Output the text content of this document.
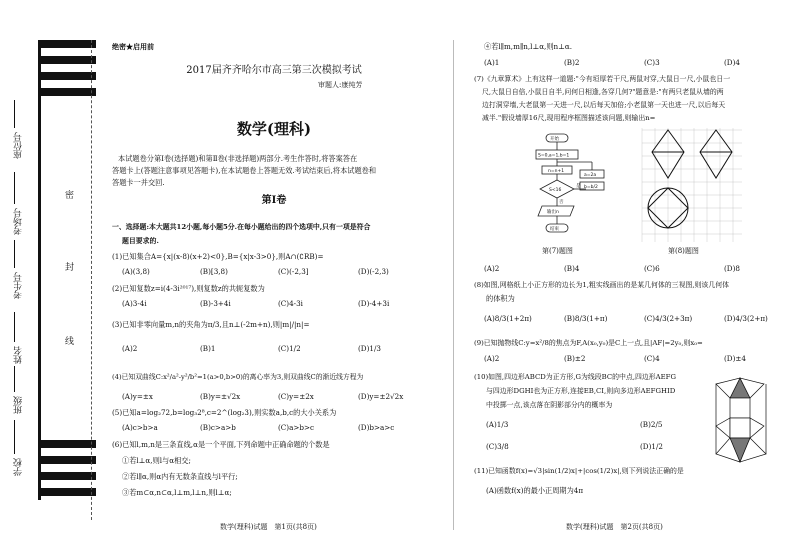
座位号
考场号
考生号
姓名
班级
学校
密
封
线
绝密★启用前
2017届齐齐哈尔市高三第三次模拟考试
审题人:康纯芳
数学(理科)
本试题卷分第Ⅰ卷(选择题)和第Ⅱ卷(非选择题)两部分.考生作答时,将答案答在
答题卡上(答题注意事项见答题卡),在本试题卷上答题无效.考试结束后,将本试题卷和
答题卡一并交回.
第Ⅰ卷
一、选择题:本大题共12小题,每小题5分.在每小题给出的四个选项中,只有一项是符合
题目要求的.
(1)已知集合A={x|(x-8)(x+2)<0},B={x|x-3>0},则A∩(∁RB)=
(A)(3,8)	(B)[3,8)	(C)(-2,3]	(D)(-2,3)
(2)已知复数z=i(4-3i²⁰¹⁷),则复数z的共轭复数为
(A)3-4i	(B)-3+4i	(C)4-3i	(D)-4+3i
(3)已知非零向量m,n的夹角为π/3,且n⊥(-2m+n),则|m|/|n|=
(A)2	(B)1	(C)1/2	(D)1/3
(4)已知双曲线C:x²/a²-y²/b²=1(a>0,b>0)的离心率为3,则双曲线C的渐近线方程为
(A)y=±x	(B)y=±√2x	(C)y=±2x	(D)y=±2√2x
(5)已知a=log₂72,b=log₃2⁸,c=2^(log₂3),则实数a,b,c的大小关系为
(A)c>b>a	(B)c>a>b	(C)a>b>c	(D)b>a>c
(6)已知l,m,n是三条直线,α是一个平面,下列命题中正确命题的个数是
①若l⊥α,则l与α相交;
②若l∥α,则α内有无数条直线与l平行;
③若m⊂α,n⊂α,l⊥m,l⊥n,则l⊥α;
数学(理科)试题　第1页(共8页)
④若l∥m,m∥n,l⊥α,则n⊥α.
(A)1	(B)2	(C)3	(D)4
(7)《九章算术》上有这样一道题:"今有垣厚若干尺,两鼠对穿,大鼠日一尺,小鼠也日一
尺,大鼠日自倍,小鼠日自半,问何日相逢,各穿几何?"题意是:"有两只老鼠从墙的两
边打洞穿墙,大老鼠第一天进一尺,以后每天加倍;小老鼠第一天也进一尺,以后每天
减半."假设墙厚16尺,现用程序框图描述该问题,则输出n=
开始
S=0,a=1,b=1
n=n+1
S<16
a=2a
b=b/2
是
否
输出n
结束
第(7)题图	第(8)题图
(A)2	(B)4	(C)6	(D)8
(8)如图,网格纸上小正方形的边长为1,粗实线画出的是某几何体的三视图,则该几何体
的体积为
(A)8/3(1+2π)	(B)8/3(1+π)	(C)4/3(2+3π)	(D)4/3(2+π)
(9)已知抛物线C:y=x²/8的焦点为F,A(x₀,y₀)是C上一点,且|AF|=2y₀,则x₀=
(A)2	(B)±2	(C)4	(D)±4
(10)如图,四边形ABCD为正方形,G为线段BC的中点,四边形AEFG
与四边形DGHI也为正方形,连接EB,CI,则向多边形AEFGHID
中投掷一点,该点落在阴影部分内的概率为
(A)1/3	(B)2/5
(C)3/8	(D)1/2
(11)已知函数f(x)=√3|sin(1/2)x|+|cos(1/2)x|,则下列说法正确的是
(A)函数f(x)的最小正周期为4π
数学(理科)试题　第2页(共8页)
